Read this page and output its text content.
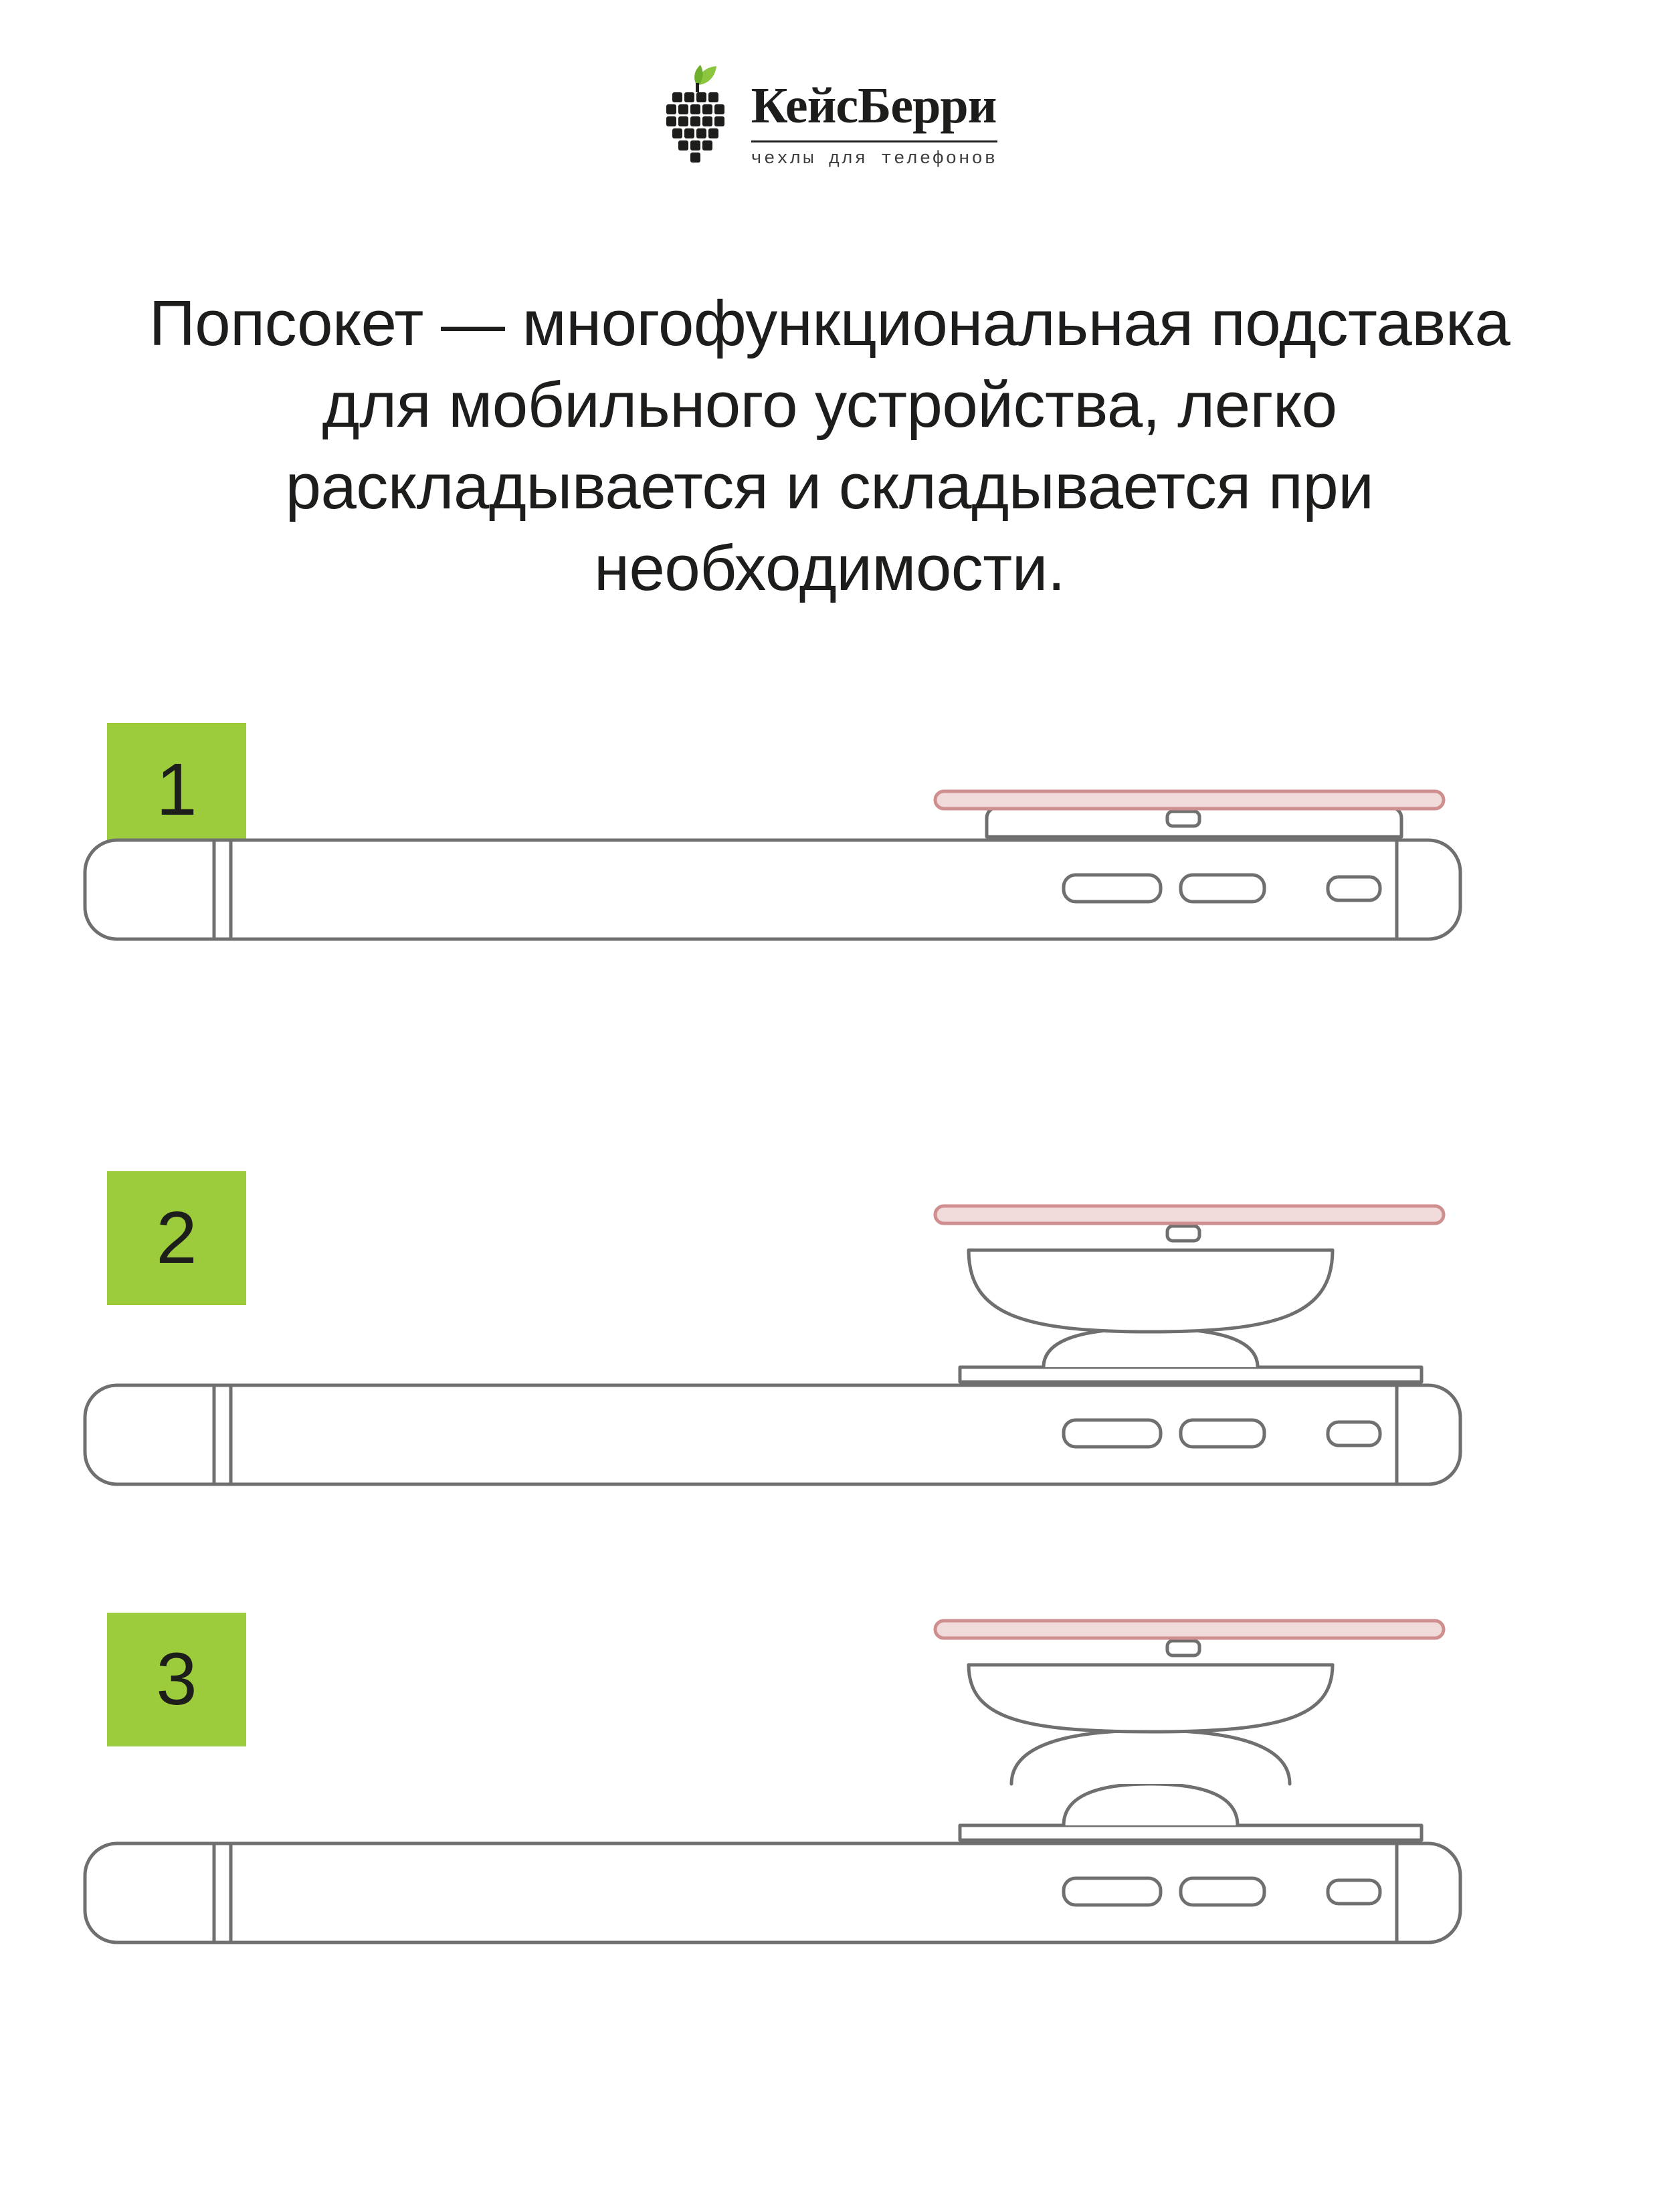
КейсБерри
чехлы для телефонов
Попсокет — многофункциональная подставка для мобильного устройства, легко раскладывается и складывается при необходимости.
1
2
3
